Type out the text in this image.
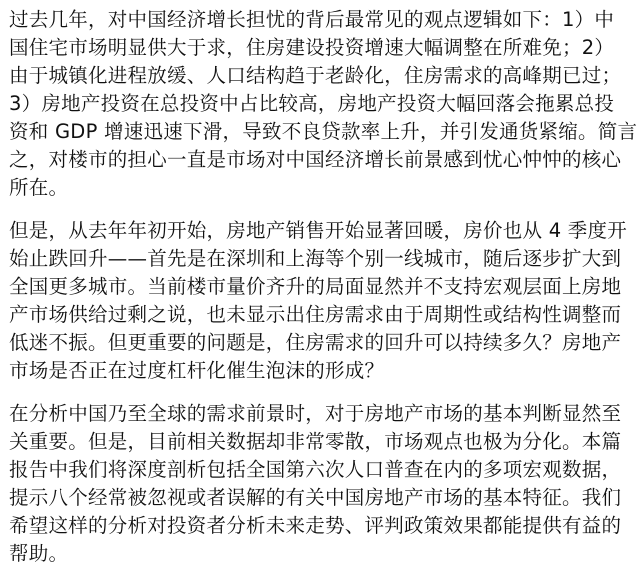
过去几年，对中国经济增长担忧的背后最常见的观点逻辑如下：1）中
国住宅市场明显供大于求，住房建设投资增速大幅调整在所难免；2）
由于城镇化进程放缓、人口结构趋于老龄化，住房需求的高峰期已过；
3）房地产投资在总投资中占比较高，房地产投资大幅回落会拖累总投
资和 GDP 增速迅速下滑，导致不良贷款率上升，并引发通货紧缩。简言
之，对楼市的担心一直是市场对中国经济增长前景感到忧心忡忡的核心
所在。
但是，从去年年初开始，房地产销售开始显著回暖，房价也从 4 季度开
始止跌回升——首先是在深圳和上海等个别一线城市，随后逐步扩大到
全国更多城市。当前楼市量价齐升的局面显然并不支持宏观层面上房地
产市场供给过剩之说，也未显示出住房需求由于周期性或结构性调整而
低迷不振。但更重要的问题是，住房需求的回升可以持续多久？房地产
市场是否正在过度杠杆化催生泡沫的形成？
在分析中国乃至全球的需求前景时，对于房地产市场的基本判断显然至
关重要。但是，目前相关数据却非常零散，市场观点也极为分化。本篇
报告中我们将深度剖析包括全国第六次人口普查在内的多项宏观数据，
提示八个经常被忽视或者误解的有关中国房地产市场的基本特征。我们
希望这样的分析对投资者分析未来走势、评判政策效果都能提供有益的
帮助。
